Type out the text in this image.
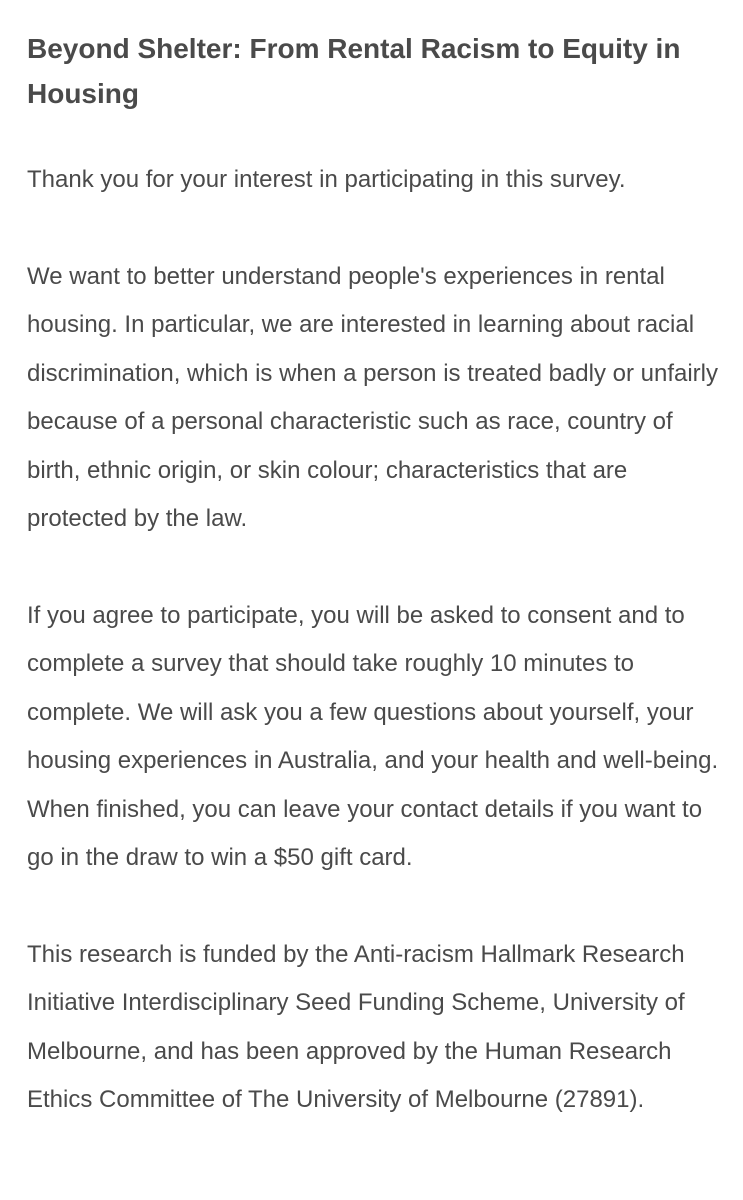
Beyond Shelter: From Rental Racism to Equity in Housing

Thank you for your interest in participating in this survey.

We want to better understand people's experiences in rental housing. In particular, we are interested in learning about racial discrimination, which is when a person is treated badly or unfairly because of a personal characteristic such as race, country of birth, ethnic origin, or skin colour; characteristics that are protected by the law.

If you agree to participate, you will be asked to consent and to complete a survey that should take roughly 10 minutes to complete. We will ask you a few questions about yourself, your housing experiences in Australia, and your health and well-being. When finished, you can leave your contact details if you want to go in the draw to win a $50 gift card.

This research is funded by the Anti-racism Hallmark Research Initiative Interdisciplinary Seed Funding Scheme, University of Melbourne, and has been approved by the Human Research Ethics Committee of The University of Melbourne (27891).
